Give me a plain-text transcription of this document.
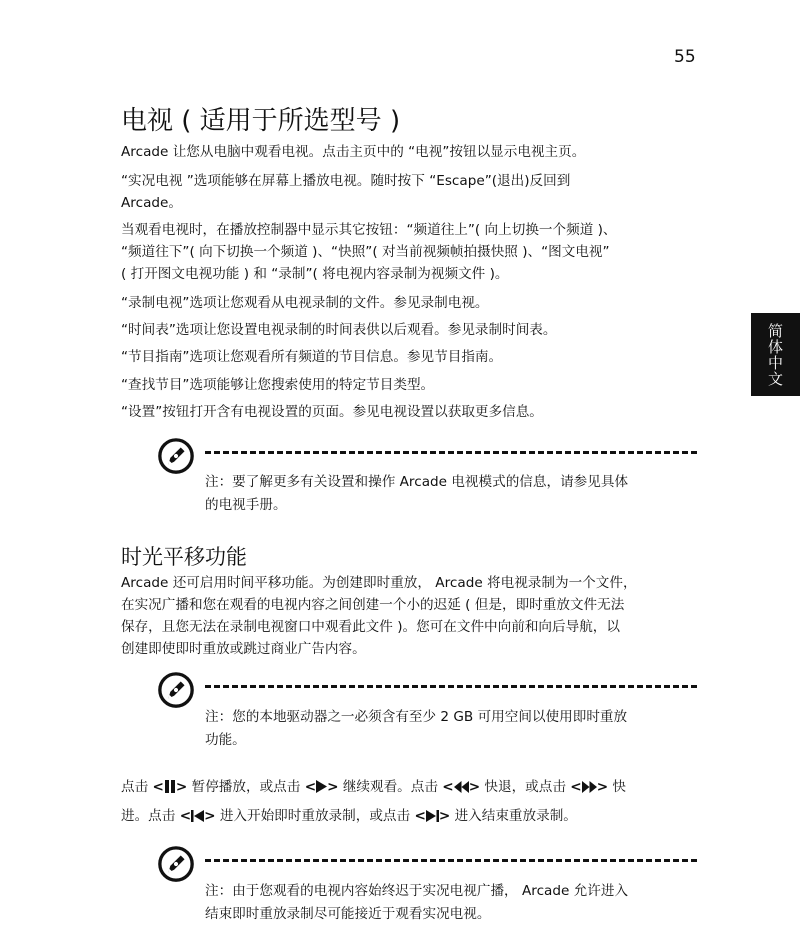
55
简体中文
电视 ( 适用于所选型号 )

Arcade 让您从电脑中观看电视。点击主页中的 “电视”按钮以显示电视主页。

“实况电视 ”选项能够在屏幕上播放电视。随时按下 “Escape”(退出)反回到
Arcade。

当观看电视时，在播放控制器中显示其它按钮：“频道往上”( 向上切换一个频道 )、
“频道往下”( 向下切换一个频道 )、“快照”( 对当前视频帧拍摄快照 )、“图文电视”
( 打开图文电视功能 ) 和 “录制”( 将电视内容录制为视频文件 )。

“录制电视”选项让您观看从电视录制的文件。参见录制电视。

“时间表”选项让您设置电视录制的时间表供以后观看。参见录制时间表。

“节目指南”选项让您观看所有频道的节目信息。参见节目指南。

“查找节目”选项能够让您搜索使用的特定节目类型。

“设置”按钮打开含有电视设置的页面。参见电视设置以获取更多信息。

注：要了解更多有关设置和操作 Arcade 电视模式的信息，请参见具体
的电视手册。

时光平移功能

Arcade 还可启用时间平移功能。为创建即时重放， Arcade 将电视录制为一个文件，
在实况广播和您在观看的电视内容之间创建一个小的迟延 ( 但是，即时重放文件无法
保存，且您无法在录制电视窗口中观看此文件 )。您可在文件中向前和向后导航，以
创建即使即时重放或跳过商业广告内容。

注：您的本地驱动器之一必须含有至少 2 GB 可用空间以使用即时重放
功能。

点击 < > 暂停播放，或点击 < > 继续观看。点击 < > 快退，或点击 < > 快

进。点击 < > 进入开始即时重放录制，或点击 < > 进入结束重放录制。

注：由于您观看的电视内容始终迟于实况电视广播， Arcade 允许进入
结束即时重放录制尽可能接近于观看实况电视。
